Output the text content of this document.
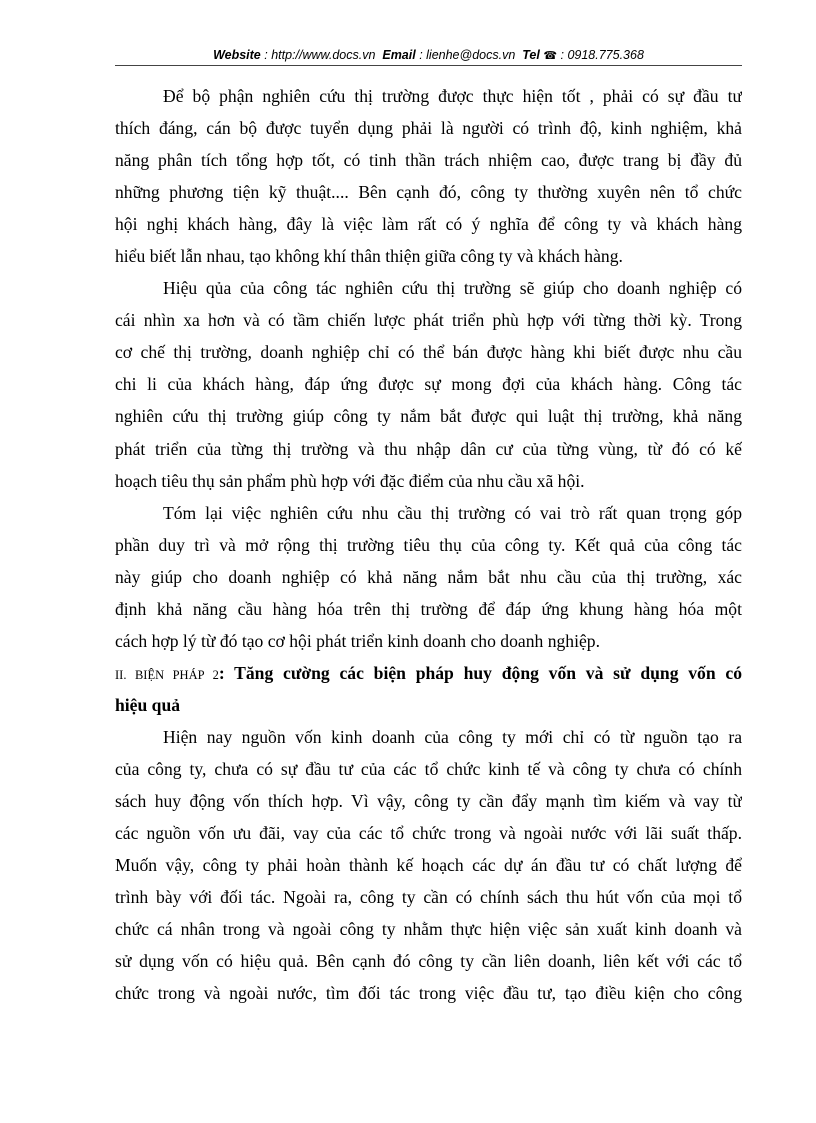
Website : http://www.docs.vn Email : lienhe@docs.vn Tel ☎ : 0918.775.368
Để bộ phận nghiên cứu thị trường được thực hiện tốt , phải có sự đầu tư
thích đáng, cán bộ được tuyển dụng phải là người có trình độ, kinh nghiệm, khả
năng phân tích tổng hợp tốt, có tinh thần trách nhiệm cao, được trang bị đầy đủ
những phương tiện kỹ thuật.... Bên cạnh đó, công ty thường xuyên nên tổ chức
hội nghị khách hàng, đây là việc làm rất có ý nghĩa để công ty và khách hàng
hiểu biết lẫn nhau, tạo không khí thân thiện giữa công ty và khách hàng.
Hiệu qủa của công tác nghiên cứu thị trường sẽ giúp cho doanh nghiệp có
cái nhìn xa hơn và có tầm chiến lược phát triển phù hợp với từng thời kỳ. Trong
cơ chế thị trường, doanh nghiệp chỉ có thể bán được hàng khi biết được nhu cầu
chi li của khách hàng, đáp ứng được sự mong đợi của khách hàng. Công tác
nghiên cứu thị trường giúp công ty nắm bắt được qui luật thị trường, khả năng
phát triển của từng thị trường và thu nhập dân cư của từng vùng, từ đó có kế
hoạch tiêu thụ sản phẩm phù hợp với đặc điểm của nhu cầu xã hội.
Tóm lại việc nghiên cứu nhu cầu thị trường có vai trò rất quan trọng góp
phần duy trì và mở rộng thị trường tiêu thụ của công ty. Kết quả của công tác
này giúp cho doanh nghiệp có khả năng nắm bắt nhu cầu của thị trường, xác
định khả năng cầu hàng hóa trên thị trường để đáp ứng khung hàng hóa một
cách hợp lý từ đó tạo cơ hội phát triển kinh doanh cho doanh nghiệp.
II. BIỆN PHÁP 2: Tăng cường các biện pháp huy động vốn và sử dụng vốn có
hiệu quả
Hiện nay nguồn vốn kinh doanh của công ty mới chỉ có từ nguồn tạo ra
của công ty, chưa có sự đầu tư của các tổ chức kinh tế và công ty chưa có chính
sách huy động vốn thích hợp. Vì vậy, công ty cần đẩy mạnh tìm kiếm và vay từ
các nguồn vốn ưu đãi, vay của các tổ chức trong và ngoài nước với lãi suất thấp.
Muốn vậy, công ty phải hoàn thành kế hoạch các dự án đầu tư có chất lượng để
trình bày với đối tác. Ngoài ra, công ty cần có chính sách thu hút vốn của mọi tổ
chức cá nhân trong và ngoài công ty nhằm thực hiện việc sản xuất kinh doanh và
sử dụng vốn có hiệu quả. Bên cạnh đó công ty cần liên doanh, liên kết với các tổ
chức trong và ngoài nước, tìm đối tác trong việc đầu tư, tạo điều kiện cho công
